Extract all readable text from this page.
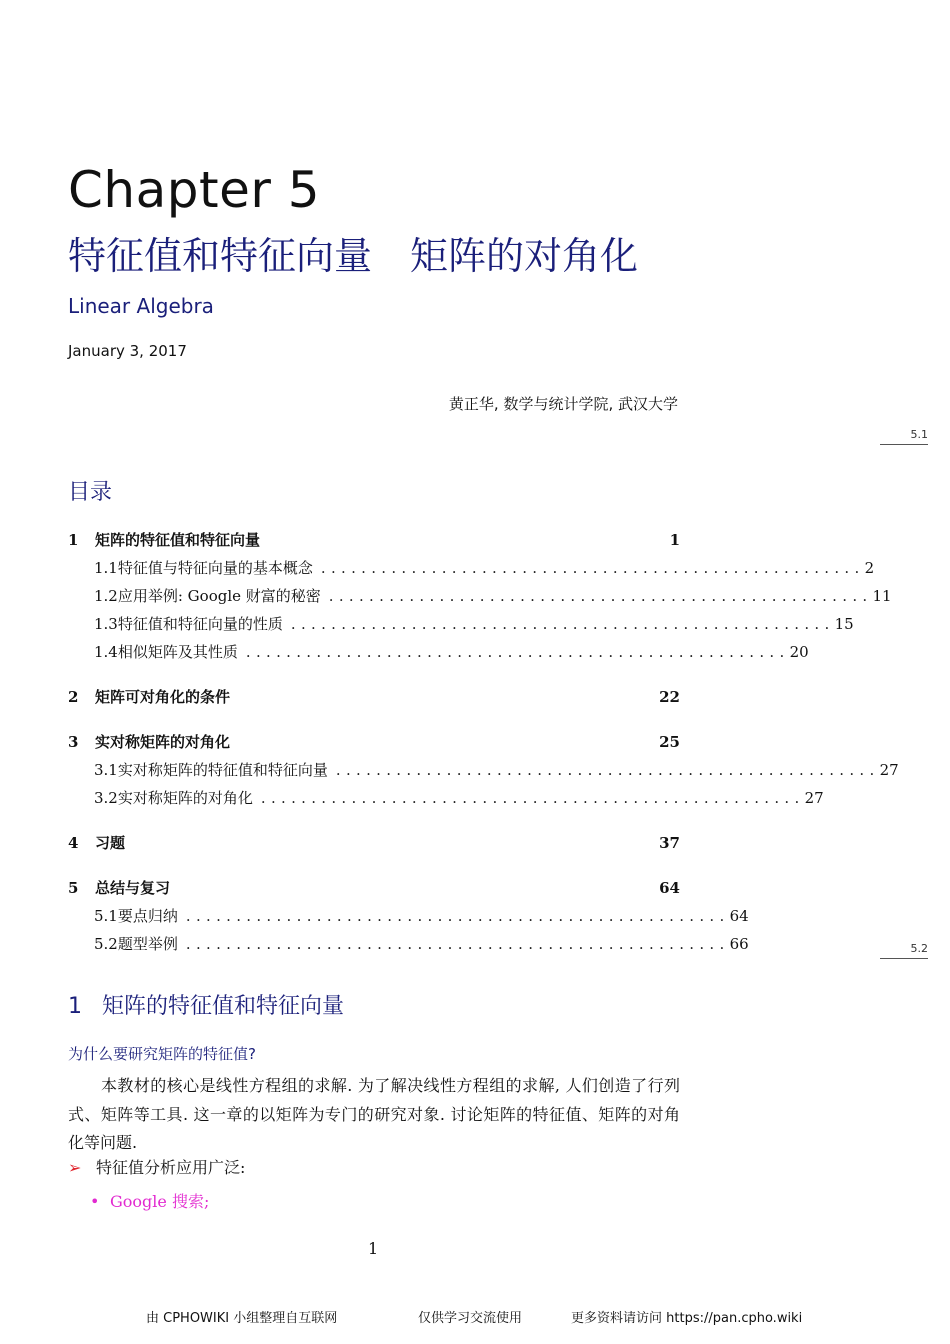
Chapter 5
特征值和特征向量　矩阵的对角化
Linear Algebra
January 3, 2017
黄正华, 数学与统计学院, 武汉大学
5.1
5.2
目录
1	矩阵的特征值和特征向量	1
1.1 特征值与特征向量的基本概念 ...................................................... 2
1.2 应用举例: Google 财富的秘密 ...................................................... 11
1.3 特征值和特征向量的性质 ...................................................... 15
1.4 相似矩阵及其性质 ...................................................... 20
2	矩阵可对角化的条件	22
3	实对称矩阵的对角化	25
3.1 实对称矩阵的特征值和特征向量 ...................................................... 27
3.2 实对称矩阵的对角化 ...................................................... 27
4	习题	37
5	总结与复习	64
5.1 要点归纳 ...................................................... 64
5.2 题型举例 ...................................................... 66
1 矩阵的特征值和特征向量
为什么要研究矩阵的特征值?
本教材的核心是线性方程组的求解. 为了解决线性方程组的求解, 人们创造了行列式、矩阵等工具. 这一章的以矩阵为专门的研究对象. 讨论矩阵的特征值、矩阵的对角化等问题.
➢ 特征值分析应用广泛:
• Google 搜索;
1
由 CPHOWIKI 小组整理自互联网	仅供学习交流使用	更多资料请访问 https://pan.cpho.wiki
